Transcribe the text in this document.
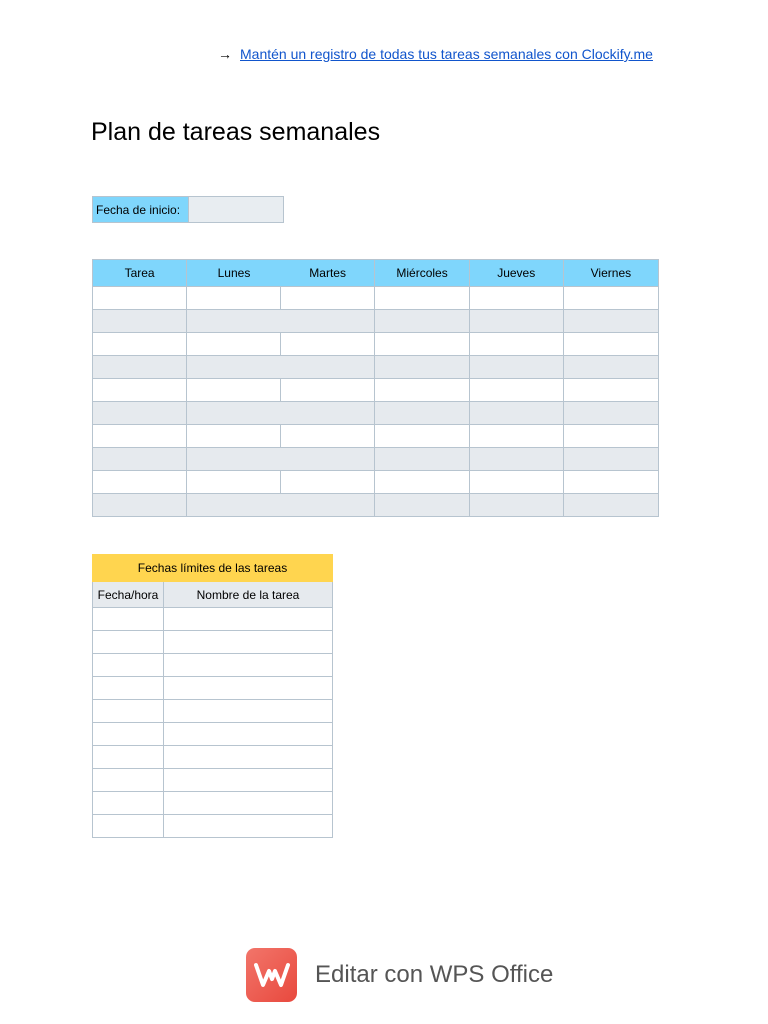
→ Mantén un registro de todas tus tareas semanales con Clockify.me
Plan de tareas semanales
Fecha de inicio:
Tarea	Lunes	Martes	Miércoles	Jueves	Viernes

Fechas límites de las tareas	
Fecha/hora	Nombre de la tarea

Editar con WPS Office
